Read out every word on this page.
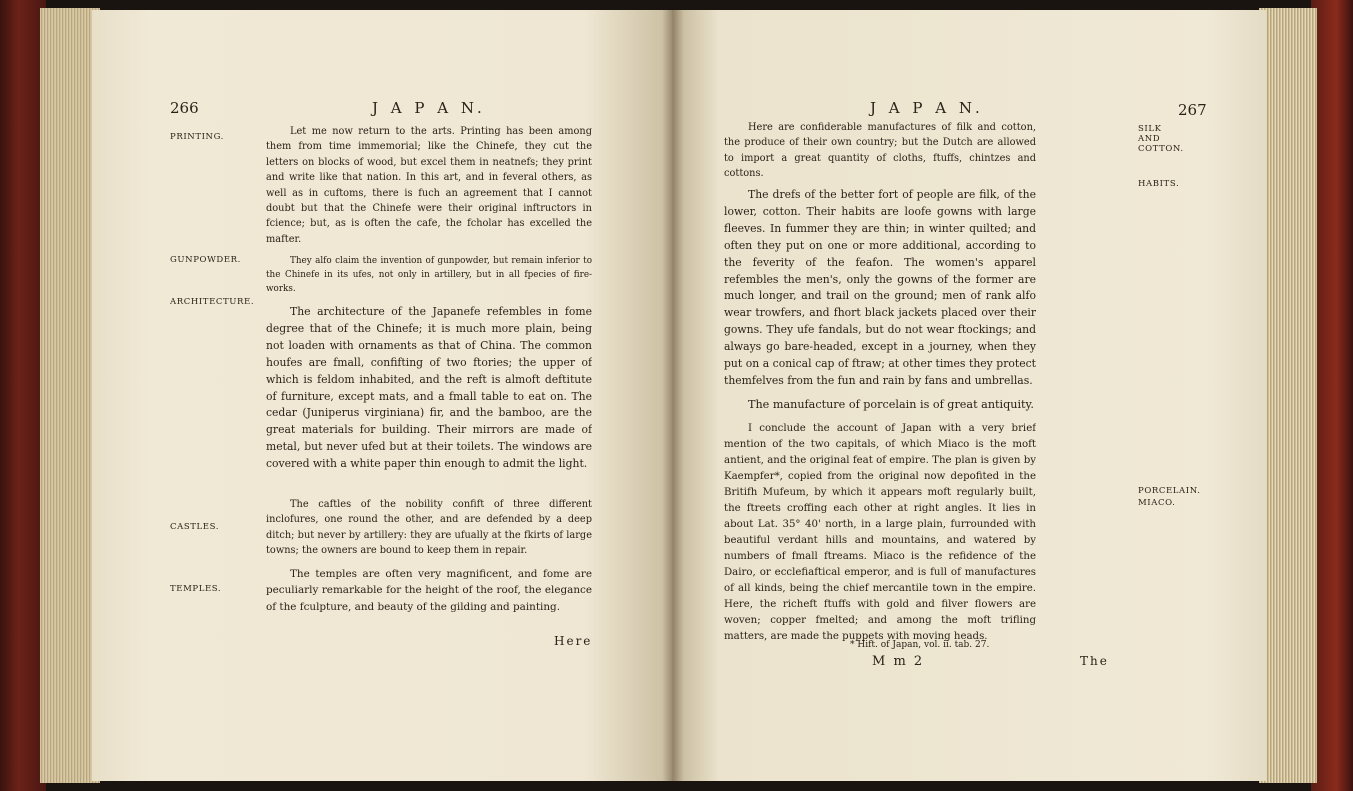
266	J A P A N.
PRINTING.
GUNPOWDER.
ARCHITECTURE.
CASTLES.
TEMPLES.

Let me now return to the arts. Printing has been among them from time immemorial; like the Chinefe, they cut the letters on blocks of wood, but excel them in neatnefs; they print and write like that nation. In this art, and in feveral others, as well as in cuftoms, there is fuch an agreement that I cannot doubt but that the Chinefe were their original inftructors in fcience; but, as is often the cafe, the fcholar has excelled the mafter.

They alfo claim the invention of gunpowder, but remain inferior to the Chinefe in its ufes, not only in artillery, but in all fpecies of fire-works.

The architecture of the Japanefe refembles in fome degree that of the Chinefe; it is much more plain, being not loaden with ornaments as that of China. The common houfes are fmall, confifting of two ftories; the upper of which is feldom inhabited, and the reft is almoft deftitute of furniture, except mats, and a fmall table to eat on. The cedar (Juniperus virginiana) fir, and the bamboo, are the great materials for building. Their mirrors are made of metal, but never ufed but at their toilets. The windows are covered with a white paper thin enough to admit the light.

The caftles of the nobility confift of three different inclofures, one round the other, and are defended by a deep ditch; but never by artillery: they are ufually at the fkirts of large towns; the owners are bound to keep them in repair.

The temples are often very magnificent, and fome are peculiarly remarkable for the height of the roof, the elegance of the fculpture, and beauty of the gilding and painting.

Here
J A P A N.	267
SILK AND COTTON.
HABITS.
PORCELAIN.
MIACO.

Here are confiderable manufactures of filk and cotton, the produce of their own country; but the Dutch are allowed to import a great quantity of cloths, ftuffs, chintzes and cottons.

The drefs of the better fort of people are filk, of the lower, cotton. Their habits are loofe gowns with large fleeves. In fummer they are thin; in winter quilted; and often they put on one or more additional, according to the feverity of the feafon. The women's apparel refembles the men's, only the gowns of the former are much longer, and trail on the ground; men of rank alfo wear trowfers, and fhort black jackets placed over their gowns. They ufe fandals, but do not wear ftockings; and always go bare-headed, except in a journey, when they put on a conical cap of ftraw; at other times they protect themfelves from the fun and rain by fans and umbrellas.

The manufacture of porcelain is of great antiquity.

I conclude the account of Japan with a very brief mention of the two capitals, of which Miaco is the moft antient, and the original feat of empire. The plan is given by Kaempfer*, copied from the original now depofited in the Britifh Mufeum, by which it appears moft regularly built, the ftreets croffing each other at right angles. It lies in about Lat. 35° 40' north, in a large plain, furrounded with beautiful verdant hills and mountains, and watered by numbers of fmall ftreams. Miaco is the refidence of the Dairo, or ecclefiaftical emperor, and is full of manufactures of all kinds, being the chief mercantile town in the empire. Here, the richeft ftuffs with gold and filver flowers are woven; copper fmelted; and among the moft trifling matters, are made the puppets with moving heads.

* Hift. of Japan, vol. ii. tab. 27.
M m 2	The
